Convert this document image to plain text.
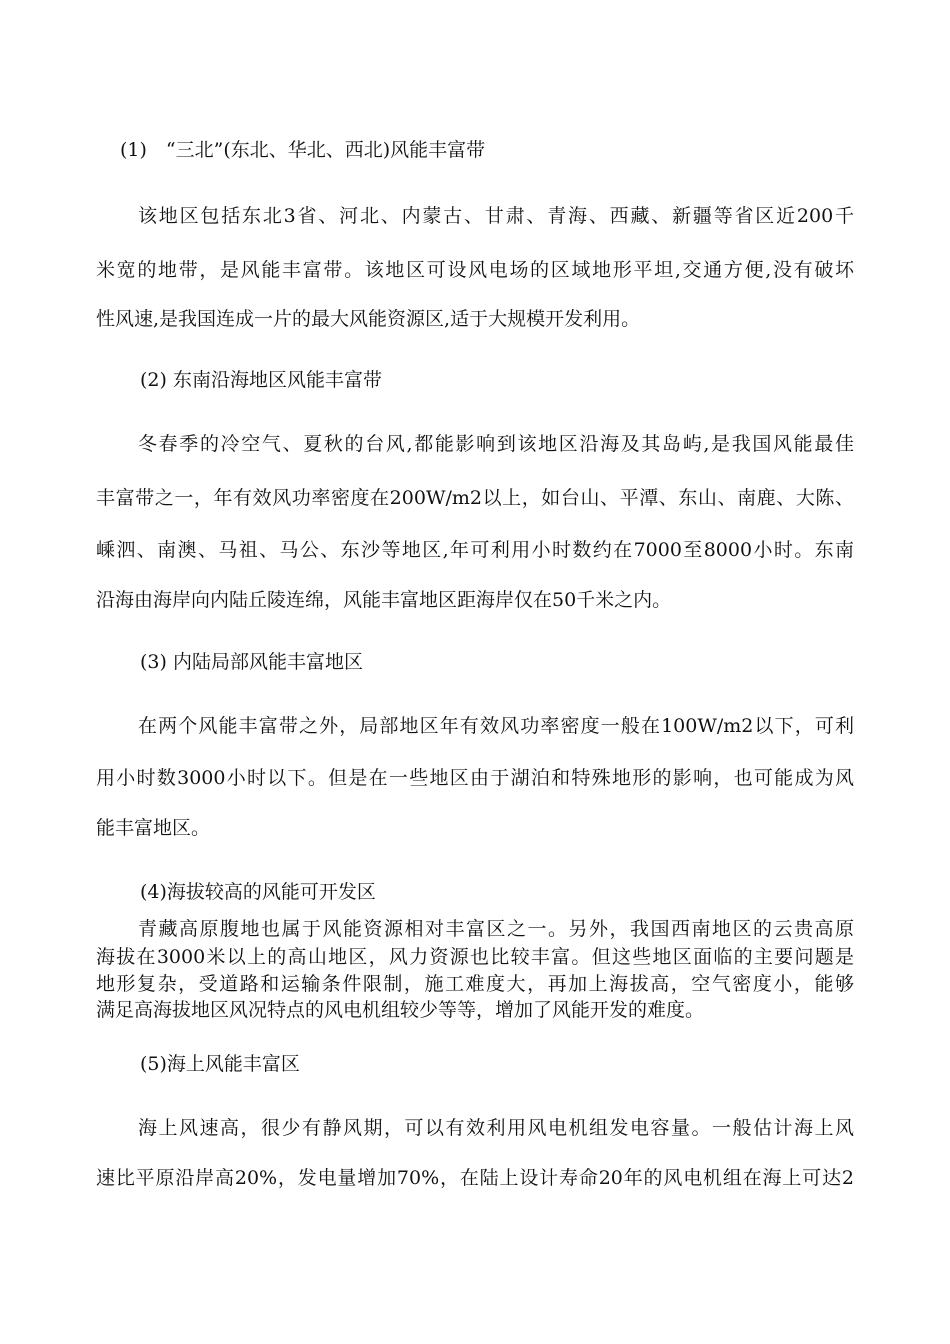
(1)　“三北”(东北、华北、西北)风能丰富带
该地区包括东北3省、河北、内蒙古、甘肃、青海、西藏、新疆等省区近200千
米宽的地带，是风能丰富带。该地区可设风电场的区域地形平坦,交通方便,没有破坏
性风速,是我国连成一片的最大风能资源区,适于大规模开发利用。
(2) 东南沿海地区风能丰富带
冬春季的冷空气、夏秋的台风,都能影响到该地区沿海及其岛屿,是我国风能最佳
丰富带之一，年有效风功率密度在200W/m2以上，如台山、平潭、东山、南鹿、大陈、
嵊泗、南澳、马祖、马公、东沙等地区,年可利用小时数约在7000至8000小时。东南
沿海由海岸向内陆丘陵连绵，风能丰富地区距海岸仅在50千米之内。
(3) 内陆局部风能丰富地区
在两个风能丰富带之外，局部地区年有效风功率密度一般在100W/m2以下，可利
用小时数3000小时以下。但是在一些地区由于湖泊和特殊地形的影响，也可能成为风
能丰富地区。
(4)海拔较高的风能可开发区
青藏高原腹地也属于风能资源相对丰富区之一。另外，我国西南地区的云贵高原
海拔在3000米以上的高山地区，风力资源也比较丰富。但这些地区面临的主要问题是
地形复杂，受道路和运输条件限制，施工难度大，再加上海拔高，空气密度小，能够
满足高海拔地区风况特点的风电机组较少等等，增加了风能开发的难度。
(5)海上风能丰富区
海上风速高，很少有静风期，可以有效利用风电机组发电容量。一般估计海上风
速比平原沿岸高20%，发电量增加70%，在陆上设计寿命20年的风电机组在海上可达2
